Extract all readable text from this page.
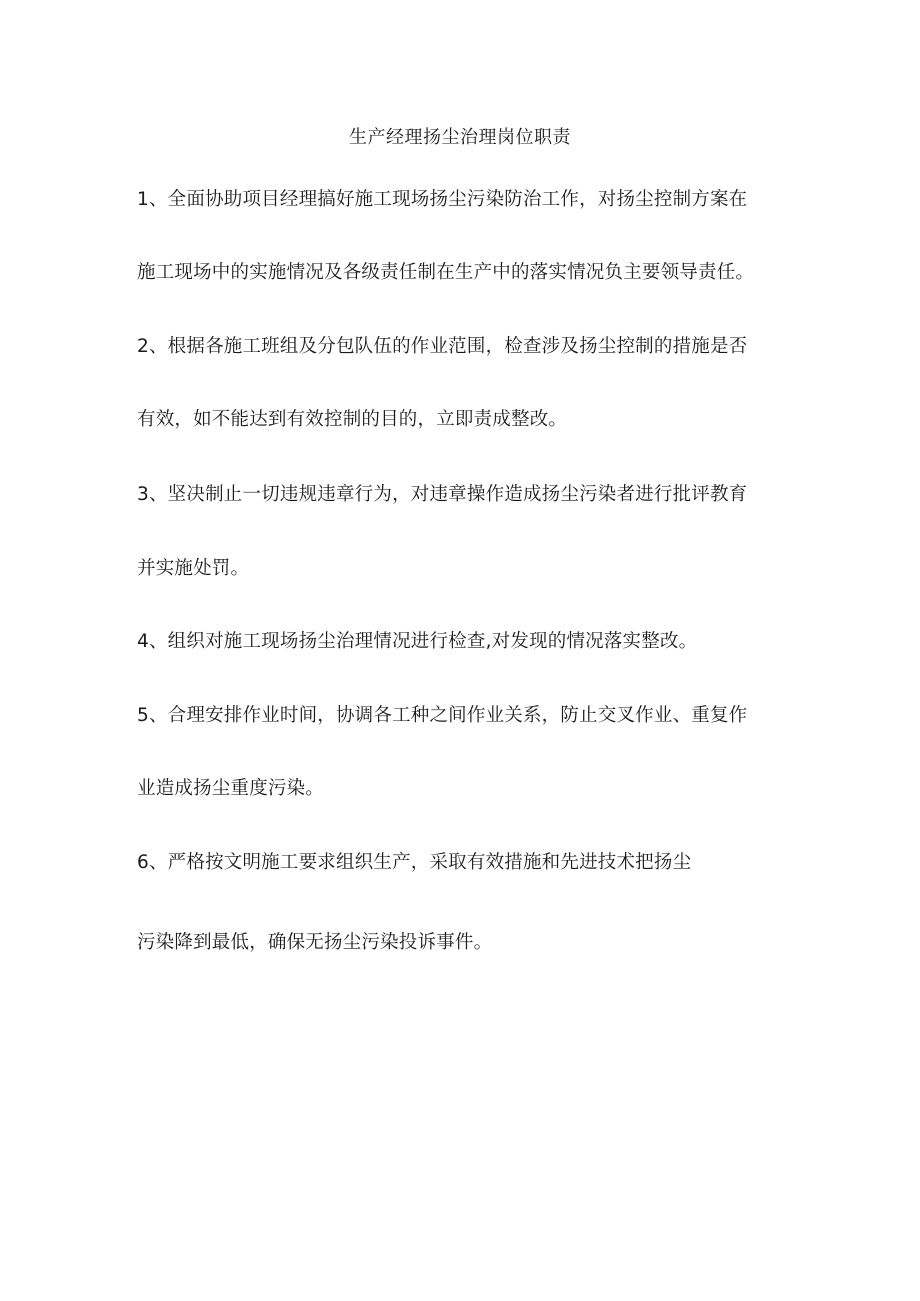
生产经理扬尘治理岗位职责
1、全面协助项目经理搞好施工现场扬尘污染防治工作，对扬尘控制方案在
施工现场中的实施情况及各级责任制在生产中的落实情况负主要领导责任。
2、根据各施工班组及分包队伍的作业范围，检查涉及扬尘控制的措施是否
有效，如不能达到有效控制的目的，立即责成整改。
3、坚决制止一切违规违章行为，对违章操作造成扬尘污染者进行批评教育
并实施处罚。
4、组织对施工现场扬尘治理情况进行检查,对发现的情况落实整改。
5、合理安排作业时间，协调各工种之间作业关系，防止交叉作业、重复作
业造成扬尘重度污染。
6、严格按文明施工要求组织生产，采取有效措施和先进技术把扬尘
污染降到最低，确保无扬尘污染投诉事件。
